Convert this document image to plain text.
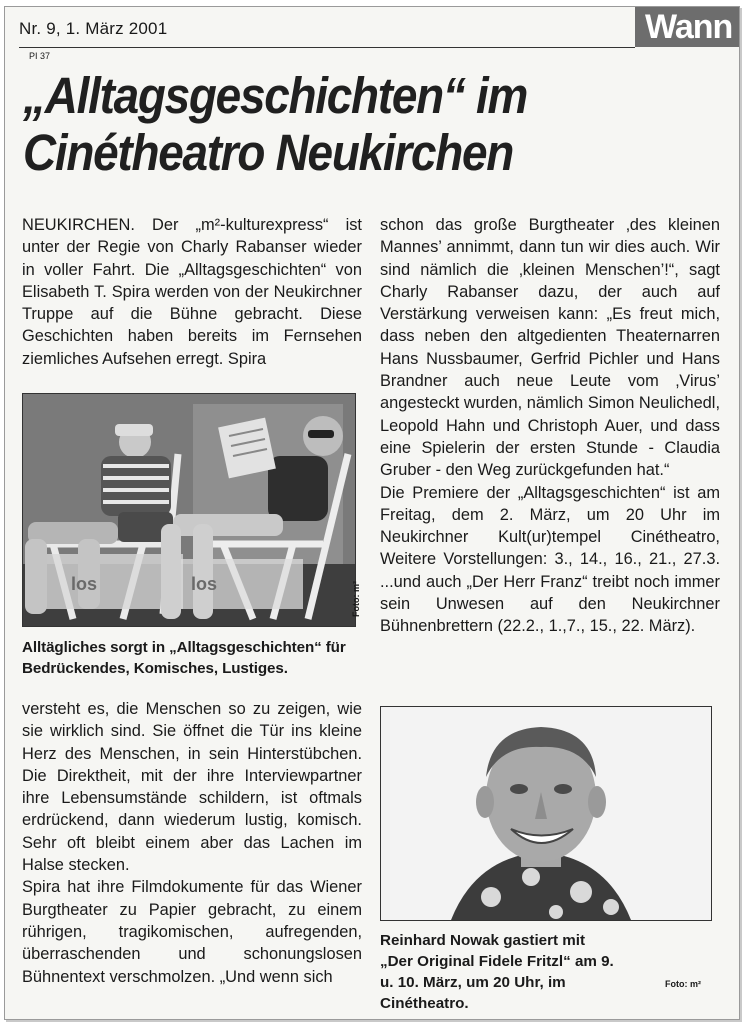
Nr. 9, 1. März 2001	Wann
PI 37
„Alltagsgeschichten“ im
Cinétheatro Neukirchen

NEUKIRCHEN. Der „m²-kulturexpress“ ist unter der Regie von Charly Rabanser wieder in voller Fahrt. Die „Alltagsgeschichten“ von Elisabeth T. Spira werden von der Neukirchner Truppe auf die Bühne gebracht. Diese Geschichten haben bereits im Fernsehen ziemliches Aufsehen erregt. Spira

los	los	Foto: m²
Alltägliches sorgt in „Alltagsgeschichten“ für Bedrückendes, Komisches, Lustiges.

versteht es, die Menschen so zu zeigen, wie sie wirklich sind. Sie öffnet die Tür ins kleine Herz des Menschen, in sein Hinterstübchen. Die Direktheit, mit der ihre Interviewpartner ihre Lebensumstände schildern, ist oftmals erdrückend, dann wiederum lustig, komisch. Sehr oft bleibt einem aber das Lachen im Halse stecken.

Spira hat ihre Filmdokumente für das Wiener Burgtheater zu Papier gebracht, zu einem rührigen, tragikomischen, aufregenden, überraschenden und schonungslosen Bühnentext verschmolzen. „Und wenn sich

schon das große Burgtheater ‚des kleinen Mannes’ annimmt, dann tun wir dies auch. Wir sind nämlich die ‚kleinen Menschen’!“, sagt Charly Rabanser dazu, der auch auf Verstärkung verweisen kann: „Es freut mich, dass neben den altgedienten Theaternarren Hans Nussbaumer, Gerfrid Pichler und Hans Brandner auch neue Leute vom ‚Virus’ angesteckt wurden, nämlich Simon Neulichedl, Leopold Hahn und Christoph Auer, und dass eine Spielerin der ersten Stunde - Claudia Gruber - den Weg zurückgefunden hat.“

Die Premiere der „Alltagsgeschichten“ ist am Freitag, dem 2. März, um 20 Uhr im Neukirchner Kult(ur)tempel Cinétheatro, Weitere Vorstellungen: 3., 14., 16., 21., 27.3. ...und auch „Der Herr Franz“ treibt noch immer sein Unwesen auf den Neukirchner Bühnenbrettern (22.2., 1.,7., 15., 22. März).

Reinhard Nowak gastiert mit „Der Original Fidele Fritzl“ am 9. u. 10. März, um 20 Uhr, im Cinétheatro.
Foto: m²
